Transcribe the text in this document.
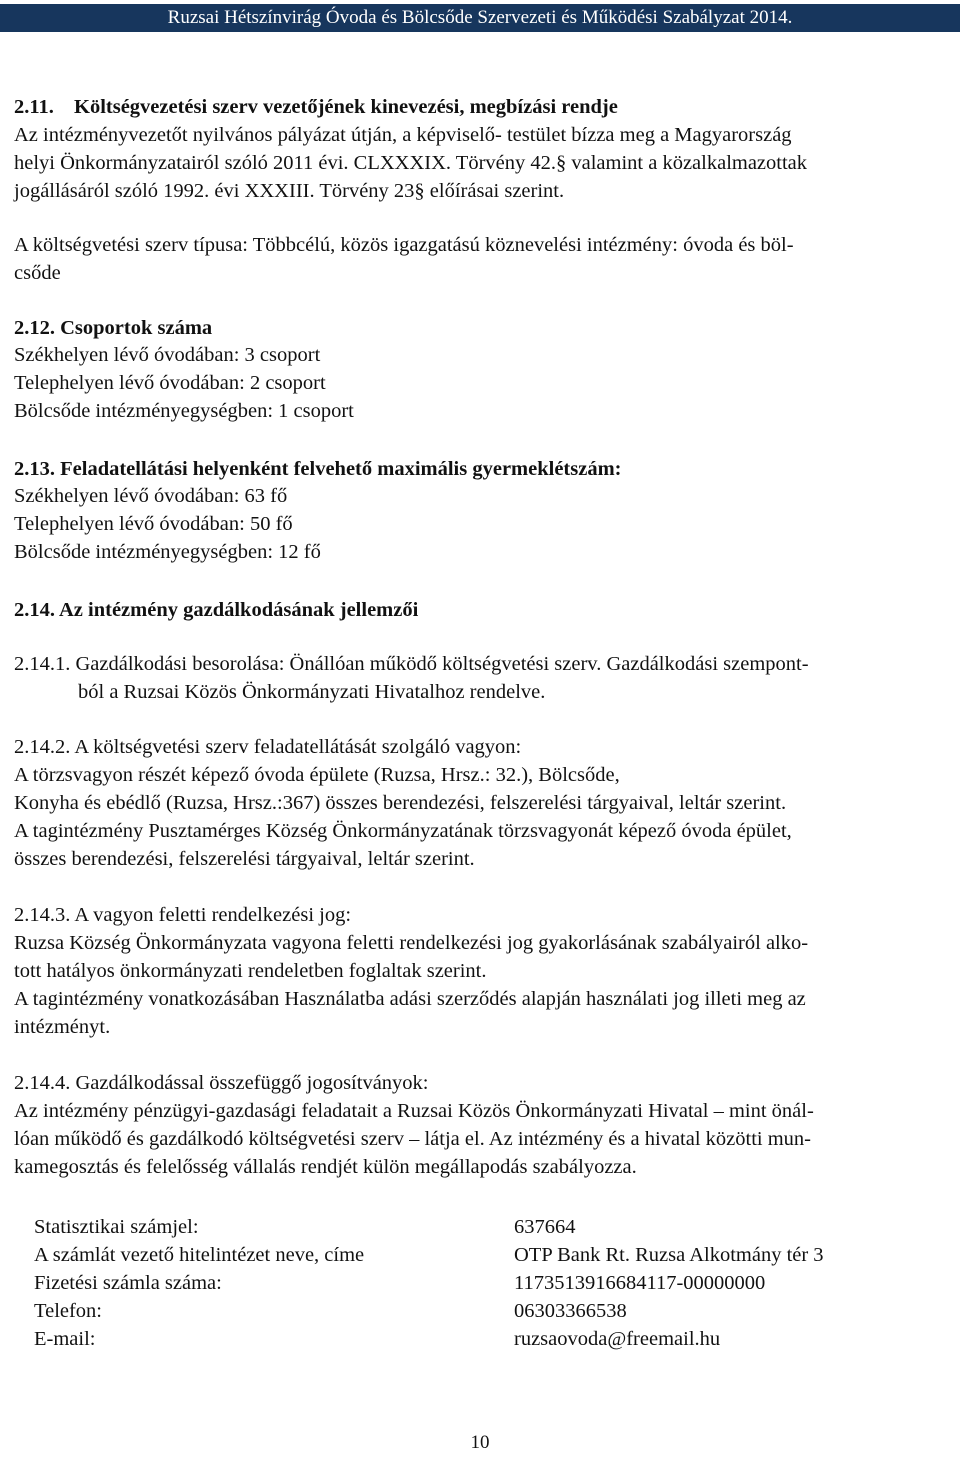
Ruzsai Hétszínvirág Óvoda és Bölcsőde Szervezeti és Működési Szabályzat 2014.
2.11. Költségvezetési szerv vezetőjének kinevezési, megbízási rendje
Az intézményvezetőt nyilvános pályázat útján, a képviselő- testület bízza meg a Magyarország
helyi Önkormányzatairól szóló 2011 évi. CLXXXIX. Törvény 42.§ valamint a közalkalmazottak
jogállásáról szóló 1992. évi XXXIII. Törvény 23§ előírásai szerint.
A költségvetési szerv típusa: Többcélú, közös igazgatású köznevelési intézmény: óvoda és böl-
csőde
2.12. Csoportok száma
Székhelyen lévő óvodában: 3 csoport
Telephelyen lévő óvodában: 2 csoport
Bölcsőde intézményegységben: 1 csoport
2.13. Feladatellátási helyenként felvehető maximális gyermeklétszám:
Székhelyen lévő óvodában: 63 fő
Telephelyen lévő óvodában: 50 fő
Bölcsőde intézményegységben: 12 fő
2.14. Az intézmény gazdálkodásának jellemzői
2.14.1. Gazdálkodási besorolása: Önállóan működő költségvetési szerv. Gazdálkodási szempont-
ból a Ruzsai Közös Önkormányzati Hivatalhoz rendelve.
2.14.2. A költségvetési szerv feladatellátását szolgáló vagyon:
A törzsvagyon részét képező óvoda épülete (Ruzsa, Hrsz.: 32.), Bölcsőde,
Konyha és ebédlő (Ruzsa, Hrsz.:367) összes berendezési, felszerelési tárgyaival, leltár szerint.
A tagintézmény Pusztamérges Község Önkormányzatának törzsvagyonát képező óvoda épület,
összes berendezési, felszerelési tárgyaival, leltár szerint.
2.14.3. A vagyon feletti rendelkezési jog:
Ruzsa Község Önkormányzata vagyona feletti rendelkezési jog gyakorlásának szabályairól alko-
tott hatályos önkormányzati rendeletben foglaltak szerint.
A tagintézmény vonatkozásában Használatba adási szerződés alapján használati jog illeti meg az
intézményt.
2.14.4. Gazdálkodással összefüggő jogosítványok:
Az intézmény pénzügyi-gazdasági feladatait a Ruzsai Közös Önkormányzati Hivatal – mint önál-
lóan működő és gazdálkodó költségvetési szerv – látja el. Az intézmény és a hivatal közötti mun-
kamegosztás és felelősség vállalás rendjét külön megállapodás szabályozza.
Statisztikai számjel:	637664
A számlát vezető hitelintézet neve, címe	OTP Bank Rt. Ruzsa Alkotmány tér 3
Fizetési számla száma:	117351391668411​7-00000000
Telefon:	06303366538
E-mail:	ruzsaovoda@freemail.hu
10
